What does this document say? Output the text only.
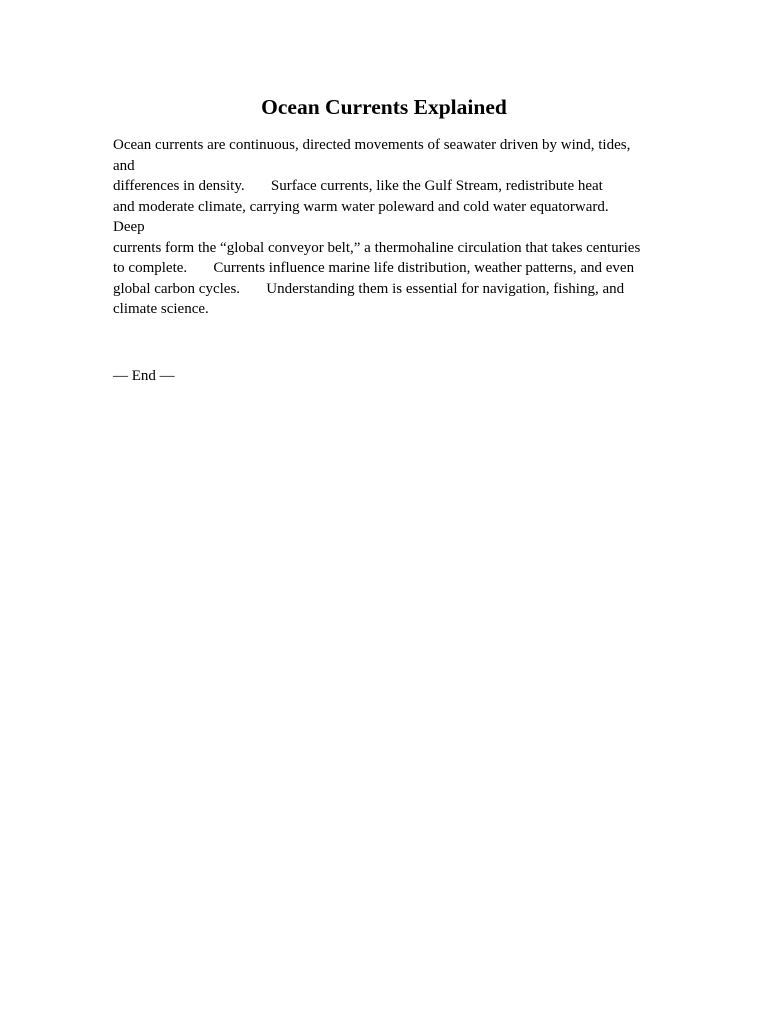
Ocean Currents Explained
Ocean currents are continuous, directed movements of seawater driven by wind, tides,
and
differences in density.       Surface currents, like the Gulf Stream, redistribute heat
and moderate climate, carrying warm water poleward and cold water equatorward.
Deep
currents form the “global conveyor belt,” a thermohaline circulation that takes centuries
to complete.       Currents influence marine life distribution, weather patterns, and even
global carbon cycles.       Understanding them is essential for navigation, fishing, and
climate science.
— End —
